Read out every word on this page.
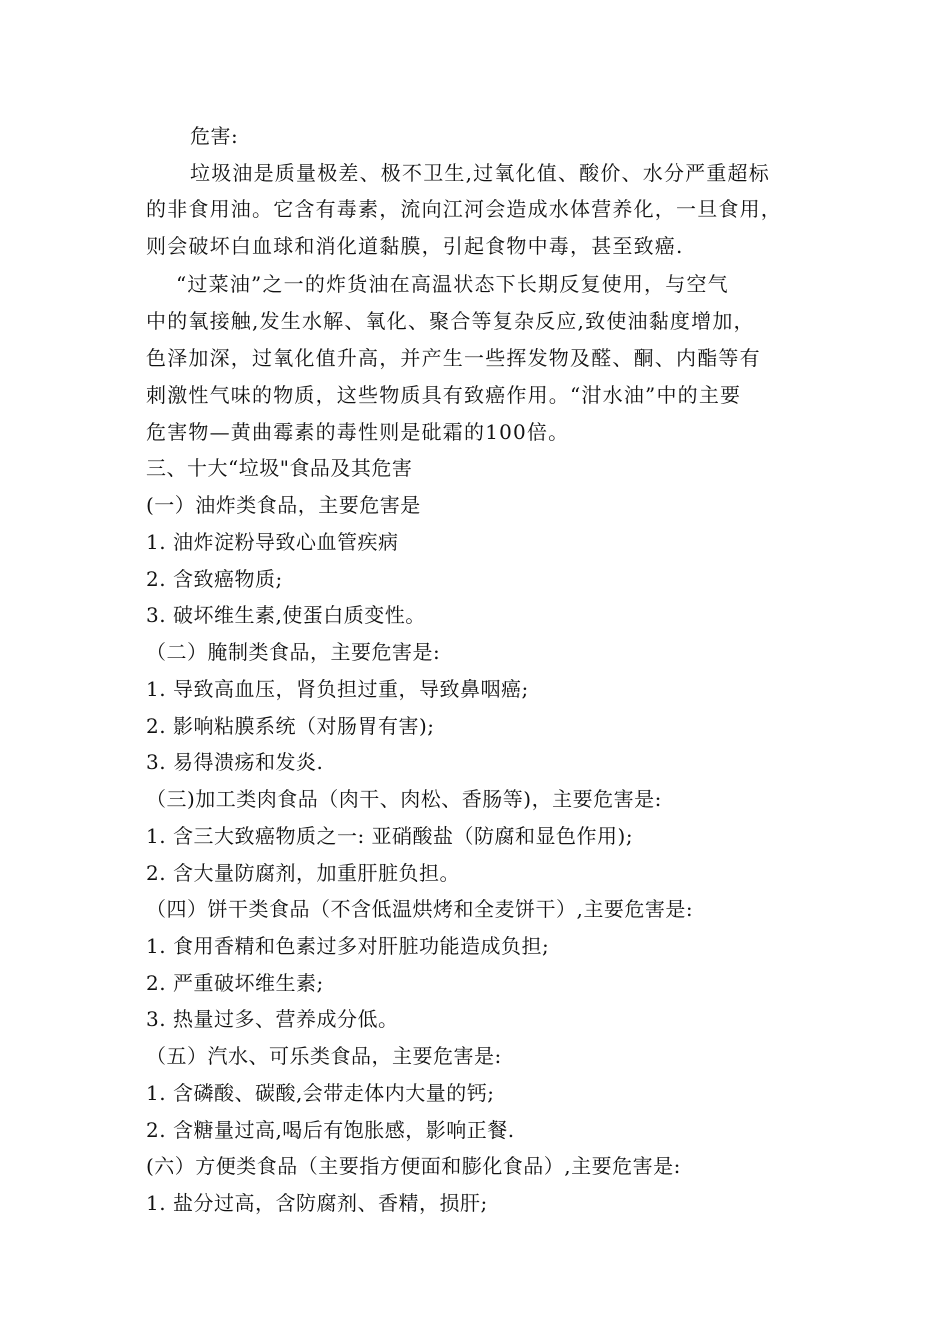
危害:
垃圾油是质量极差、极不卫生,过氧化值、酸价、水分严重超标
的非食用油。它含有毒素，流向江河会造成水体营养化，一旦食用，
则会破坏白血球和消化道黏膜，引起食物中毒，甚至致癌.
“过菜油”之一的炸货油在高温状态下长期反复使用，与空气
中的氧接触,发生水解、氧化、聚合等复杂反应,致使油黏度增加，
色泽加深，过氧化值升高，并产生一些挥发物及醛、酮、内酯等有
刺激性气味的物质，这些物质具有致癌作用。“泔水油”中的主要
危害物—黄曲霉素的毒性则是砒霜的100倍。
三、十大“垃圾"食品及其危害
(一）油炸类食品，主要危害是
1. 油炸淀粉导致心血管疾病
2. 含致癌物质;
3. 破坏维生素,使蛋白质变性。
（二）腌制类食品，主要危害是:
1. 导致高血压，肾负担过重，导致鼻咽癌;
2. 影响粘膜系统（对肠胃有害);
3. 易得溃疡和发炎.
（三)加工类肉食品（肉干、肉松、香肠等)，主要危害是:
1. 含三大致癌物质之一: 亚硝酸盐（防腐和显色作用);
2. 含大量防腐剂，加重肝脏负担。
（四）饼干类食品（不含低温烘烤和全麦饼干）,主要危害是:
1. 食用香精和色素过多对肝脏功能造成负担;
2. 严重破坏维生素;
3. 热量过多、营养成分低。
（五）汽水、可乐类食品，主要危害是:
1. 含磷酸、碳酸,会带走体内大量的钙;
2. 含糖量过高,喝后有饱胀感，影响正餐.
(六）方便类食品（主要指方便面和膨化食品）,主要危害是:
1. 盐分过高，含防腐剂、香精，损肝;
